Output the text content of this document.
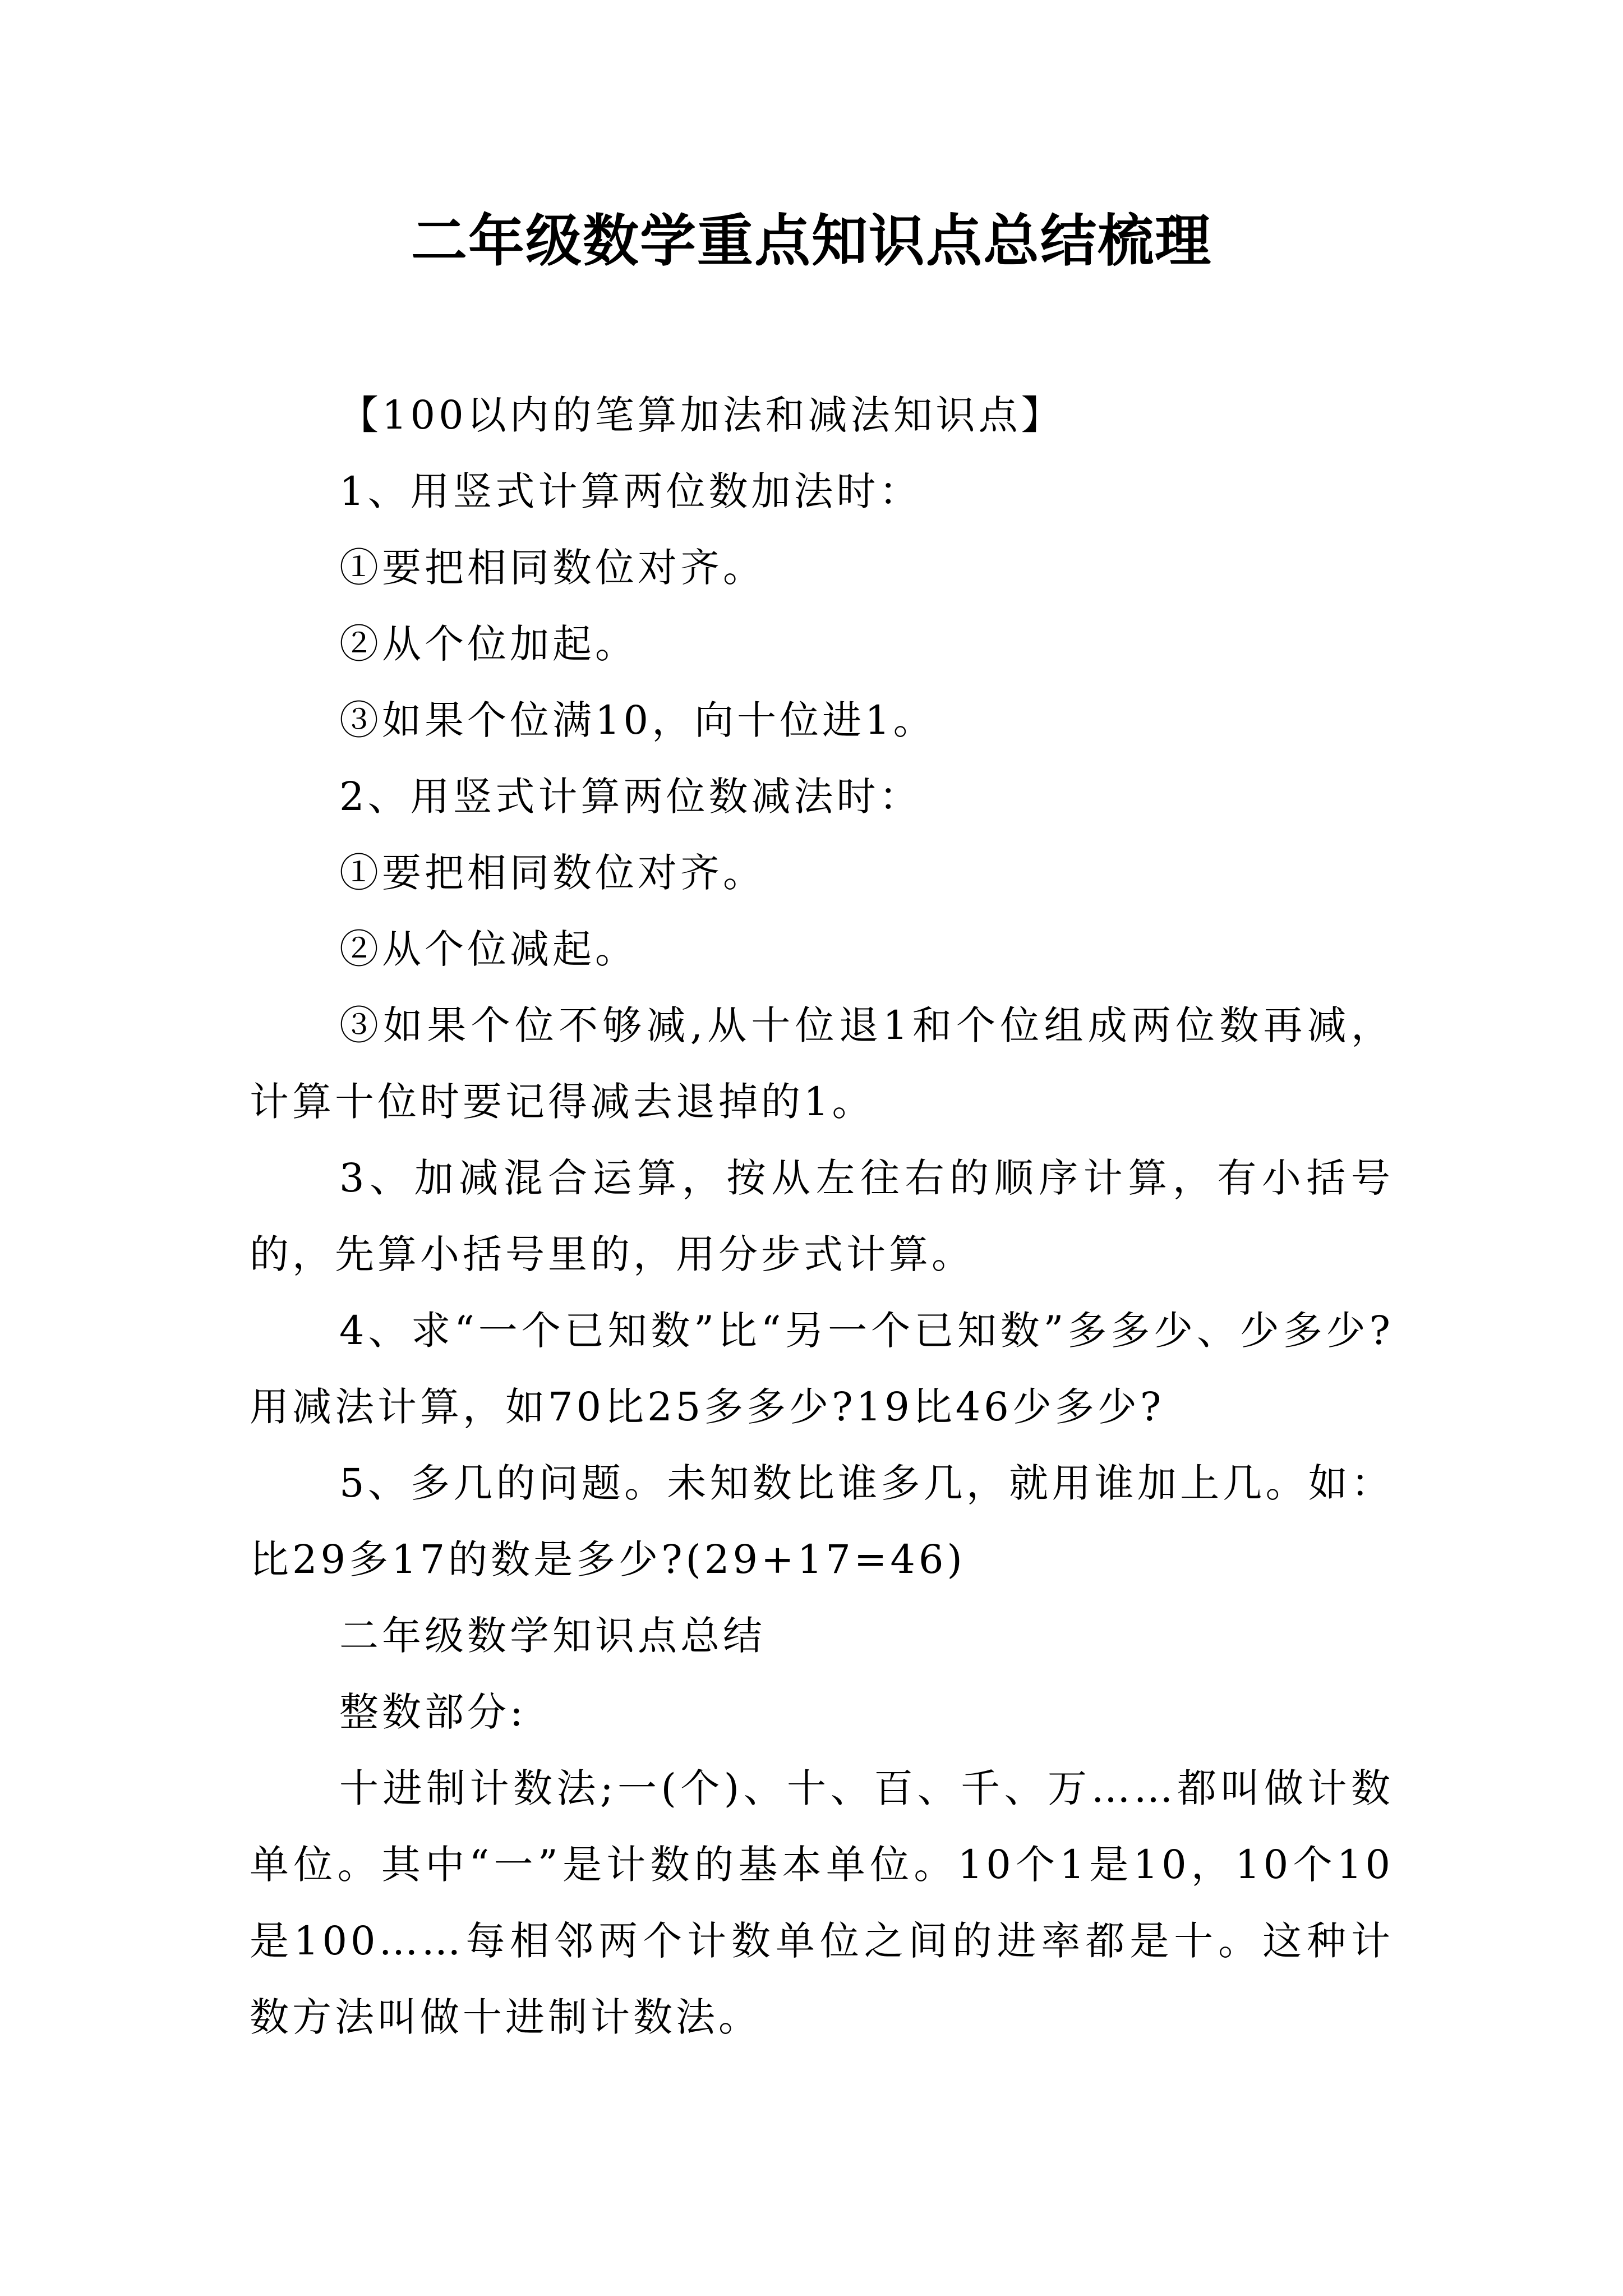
二年级数学重点知识点总结梳理

【100以内的笔算加法和减法知识点】

1、用竖式计算两位数加法时：

①要把相同数位对齐。

②从个位加起。

③如果个位满10，向十位进1。

2、用竖式计算两位数减法时：

①要把相同数位对齐。

②从个位减起。

③如果个位不够减,从十位退1和个位组成两位数再减，计算十位时要记得减去退掉的1。

3、加减混合运算，按从左往右的顺序计算，有小括号的，先算小括号里的，用分步式计算。

4、求“一个已知数”比“另一个已知数”多多少、少多少?用减法计算，如70比25多多少?19比46少多少?

5、多几的问题。未知数比谁多几，就用谁加上几。如：比29多17的数是多少?(29+17=46)

二年级数学知识点总结

整数部分:

十进制计数法;一(个)、十、百、千、万……都叫做计数单位。其中“一”是计数的基本单位。10个1是10，10个10是100……每相邻两个计数单位之间的进率都是十。这种计数方法叫做十进制计数法。
